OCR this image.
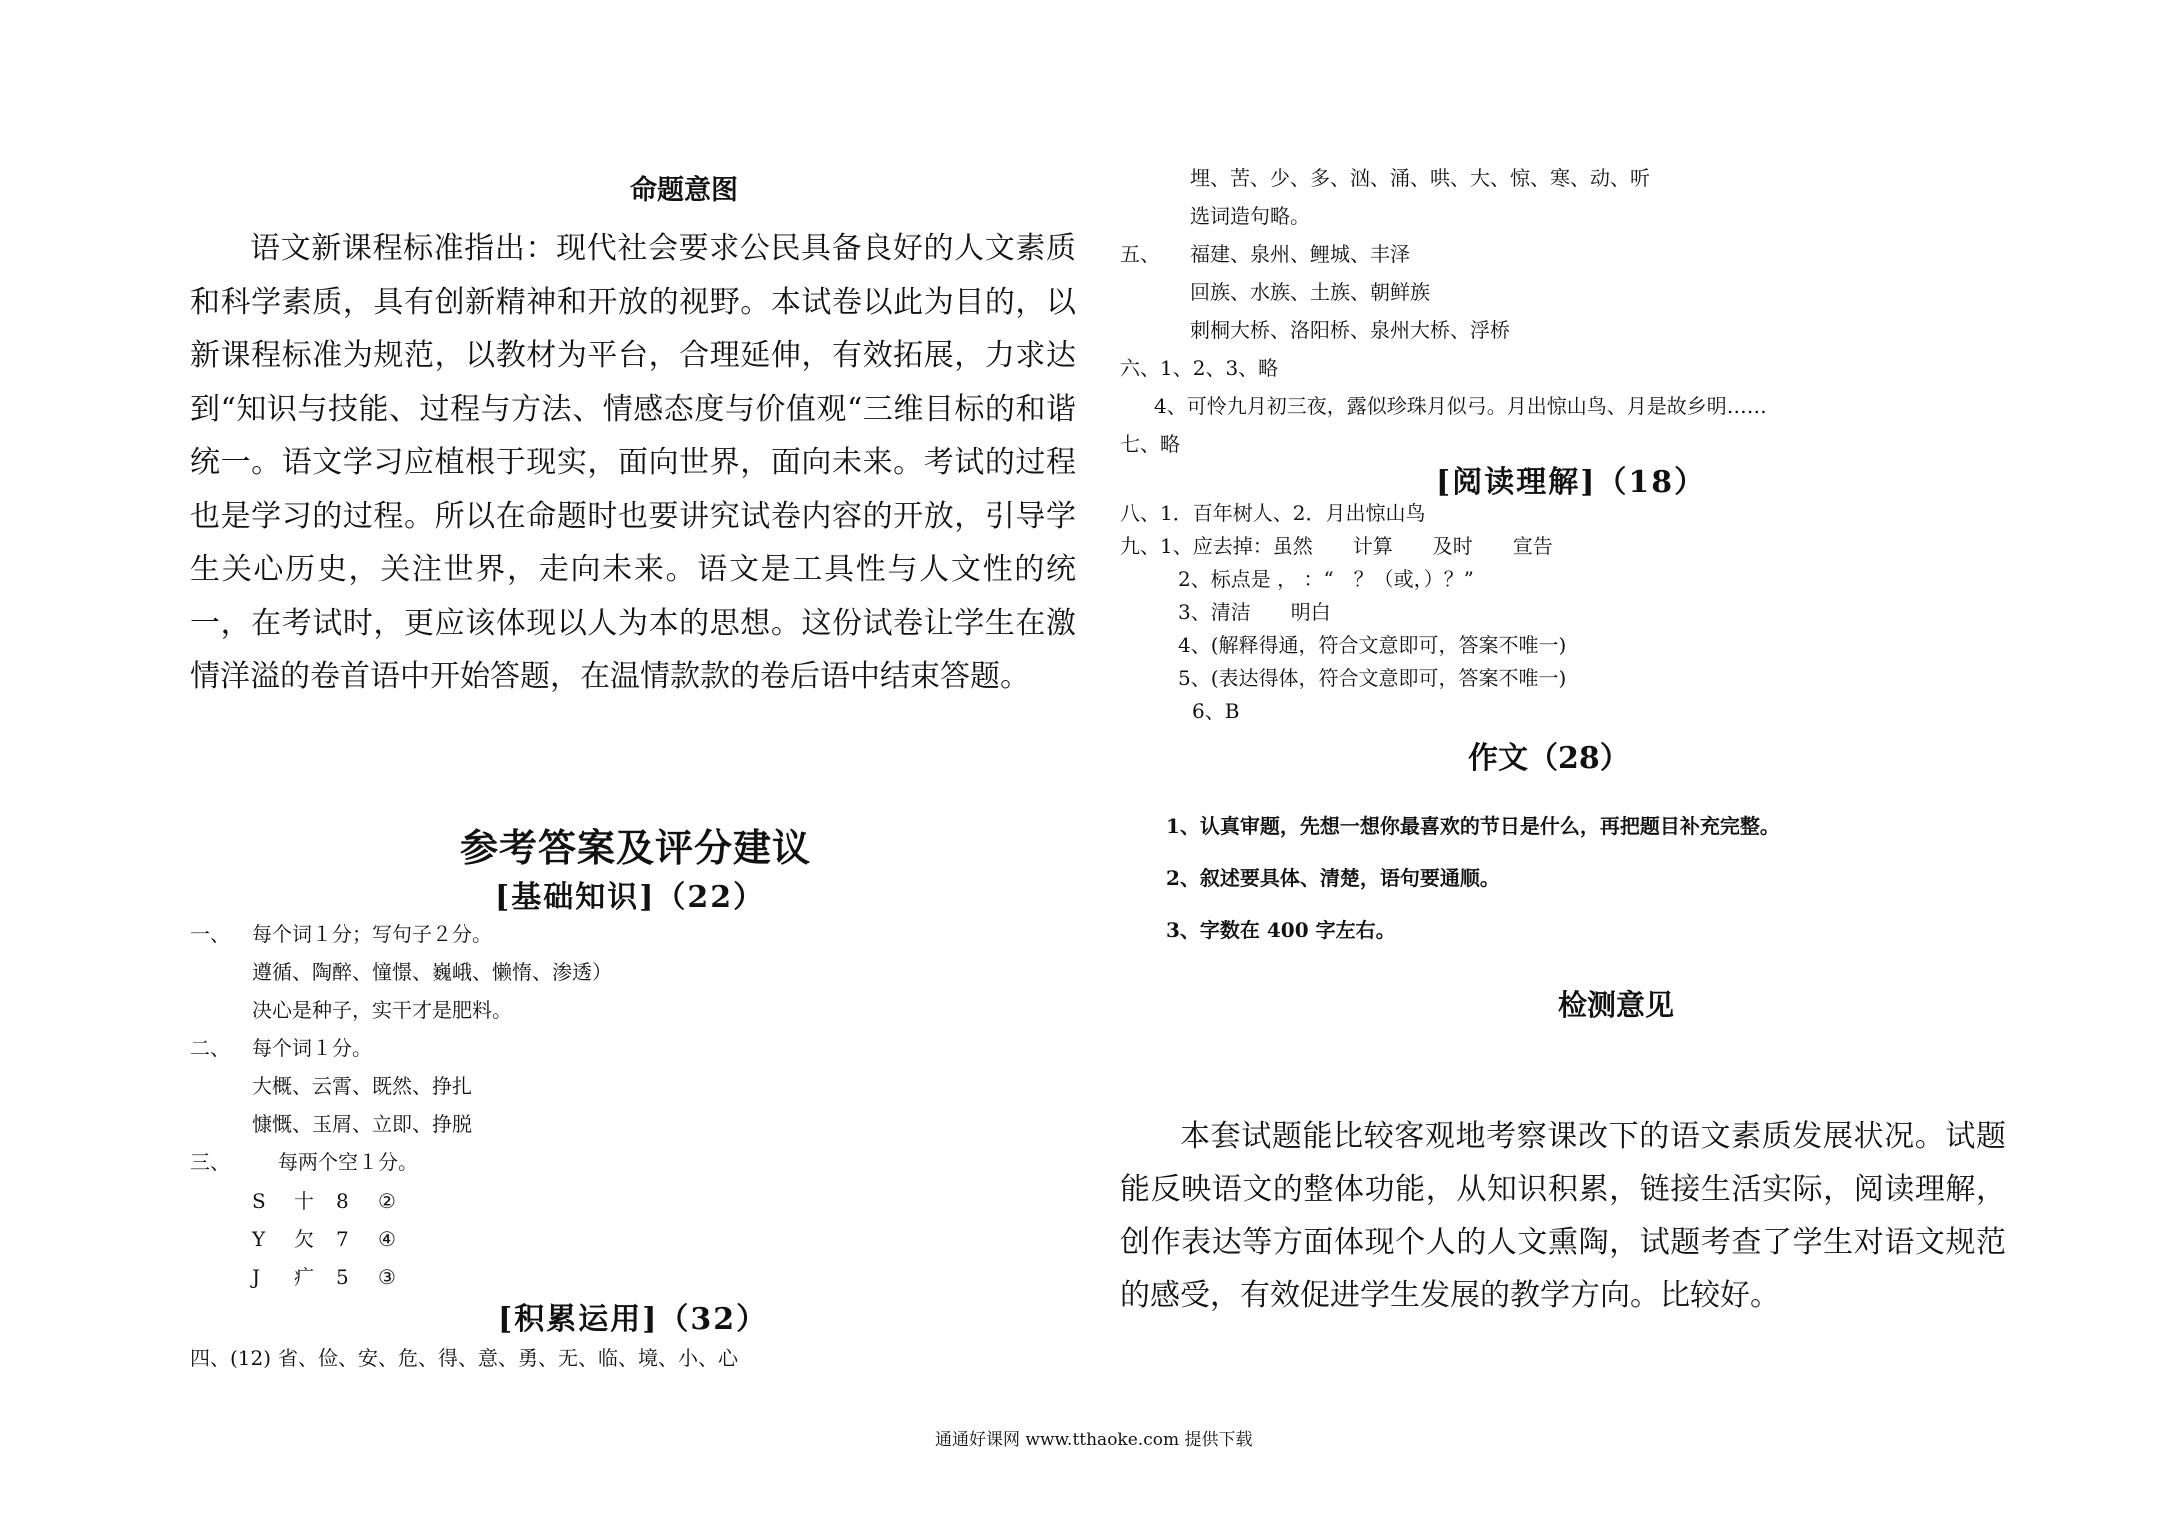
命题意图

语文新课程标准指出：现代社会要求公民具备良好的人文素质和科学素质，具有创新精神和开放的视野。本试卷以此为目的，以新课程标准为规范，以教材为平台，合理延伸，有效拓展，力求达到“知识与技能、过程与方法、情感态度与价值观“三维目标的和谐统一。语文学习应植根于现实，面向世界，面向未来。考试的过程也是学习的过程。所以在命题时也要讲究试卷内容的开放，引导学生关心历史，关注世界，走向未来。语文是工具性与人文性的统一，在考试时，更应该体现以人为本的思想。这份试卷让学生在激情洋溢的卷首语中开始答题，在温情款款的卷后语中结束答题。

参考答案及评分建议
[基础知识]（22）
一、 每个词１分；写句子２分。
遵循、陶醉、憧憬、巍峨、懒惰、渗透）
决心是种子，实干才是肥料。
二、 每个词１分。
大概、云霄、既然、挣扎
慷慨、玉屑、立即、挣脱
三、 每两个空１分。
S 十 8 ②
Y 欠 7 ④
J 疒 5 ③
[积累运用]（32）
四、(12) 省、俭、安、危、得、意、勇、无、临、境、小、心
埋、苦、少、多、汹、涌、哄、大、惊、寒、动、听
选词造句略。
五、 福建、泉州、鲤城、丰泽
回族、水族、土族、朝鲜族
刺桐大桥、洛阳桥、泉州大桥、浮桥
六、1、2、3、略
4、可怜九月初三夜，露似珍珠月似弓。月出惊山鸟、月是故乡明……
七、略
[阅读理解]（18）
八、1．百年树人、2．月出惊山鸟
九、1、应去掉：虽然　　计算　　及时　　宣告
2、标点是 ， ：“　？（或，）？”
3、清洁　　明白
4、(解释得通，符合文意即可，答案不唯一)
5、(表达得体，符合文意即可，答案不唯一)
6、B
作文（28）
1、认真审题，先想一想你最喜欢的节日是什么，再把题目补充完整。
2、叙述要具体、清楚，语句要通顺。
3、字数在 400 字左右。
检测意见

本套试题能比较客观地考察课改下的语文素质发展状况。试题能反映语文的整体功能，从知识积累，链接生活实际，阅读理解，创作表达等方面体现个人的人文熏陶，试题考查了学生对语文规范的感受，有效促进学生发展的教学方向。比较好。

通通好课网 www.tthaoke.com 提供下载
